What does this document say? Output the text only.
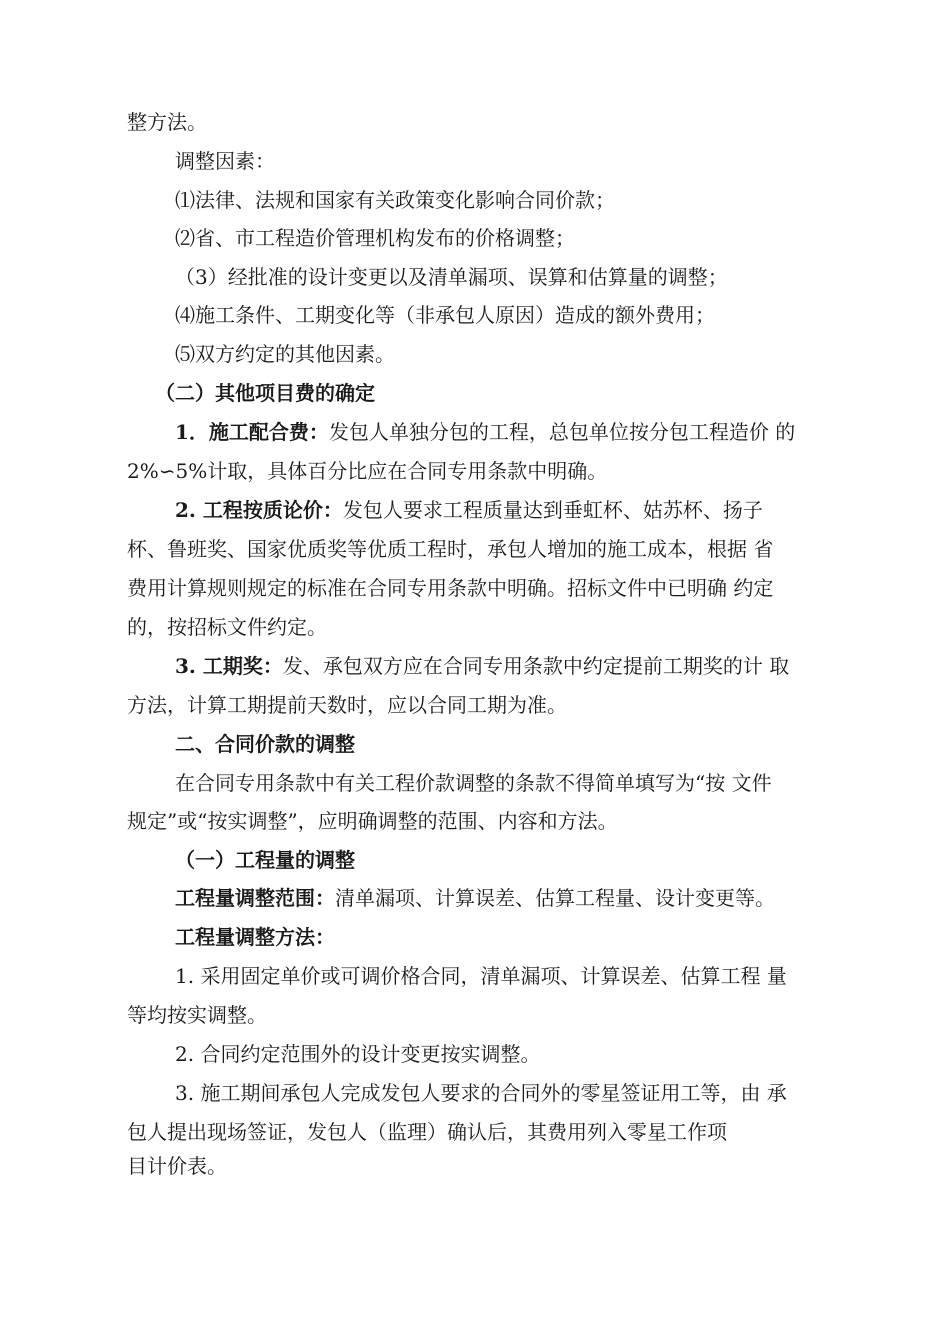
整方法。
调整因素：
⑴法律、法规和国家有关政策变化影响合同价款；
⑵省、市工程造价管理机构发布的价格调整；
（3）经批准的设计变更以及清单漏项、误算和估算量的调整；
⑷施工条件、工期变化等（非承包人原因）造成的额外费用；
⑸双方约定的其他因素。
（二）其他项目费的确定
1．施工配合费：发包人单独分包的工程，总包单位按分包工程造价 的
2%∽5%计取，具体百分比应在合同专用条款中明确。
2. 工程按质论价：发包人要求工程质量达到垂虹杯、姑苏杯、扬子
杯、鲁班奖、国家优质奖等优质工程时，承包人增加的施工成本，根据 省
费用计算规则规定的标准在合同专用条款中明确。招标文件中已明确 约定
的，按招标文件约定。
3. 工期奖：发、承包双方应在合同专用条款中约定提前工期奖的计 取
方法，计算工期提前天数时，应以合同工期为准。
二、合同价款的调整
在合同专用条款中有关工程价款调整的条款不得简单填写为“按 文件
规定”或“按实调整”，应明确调整的范围、内容和方法。
（一）工程量的调整
工程量调整范围：清单漏项、计算误差、估算工程量、设计变更等。
工程量调整方法：
1. 采用固定单价或可调价格合同，清单漏项、计算误差、估算工程 量
等均按实调整。
2. 合同约定范围外的设计变更按实调整。
3. 施工期间承包人完成发包人要求的合同外的零星签证用工等，由 承
包人提出现场签证，发包人（监理）确认后，其费用列入零星工作项
目计价表。
